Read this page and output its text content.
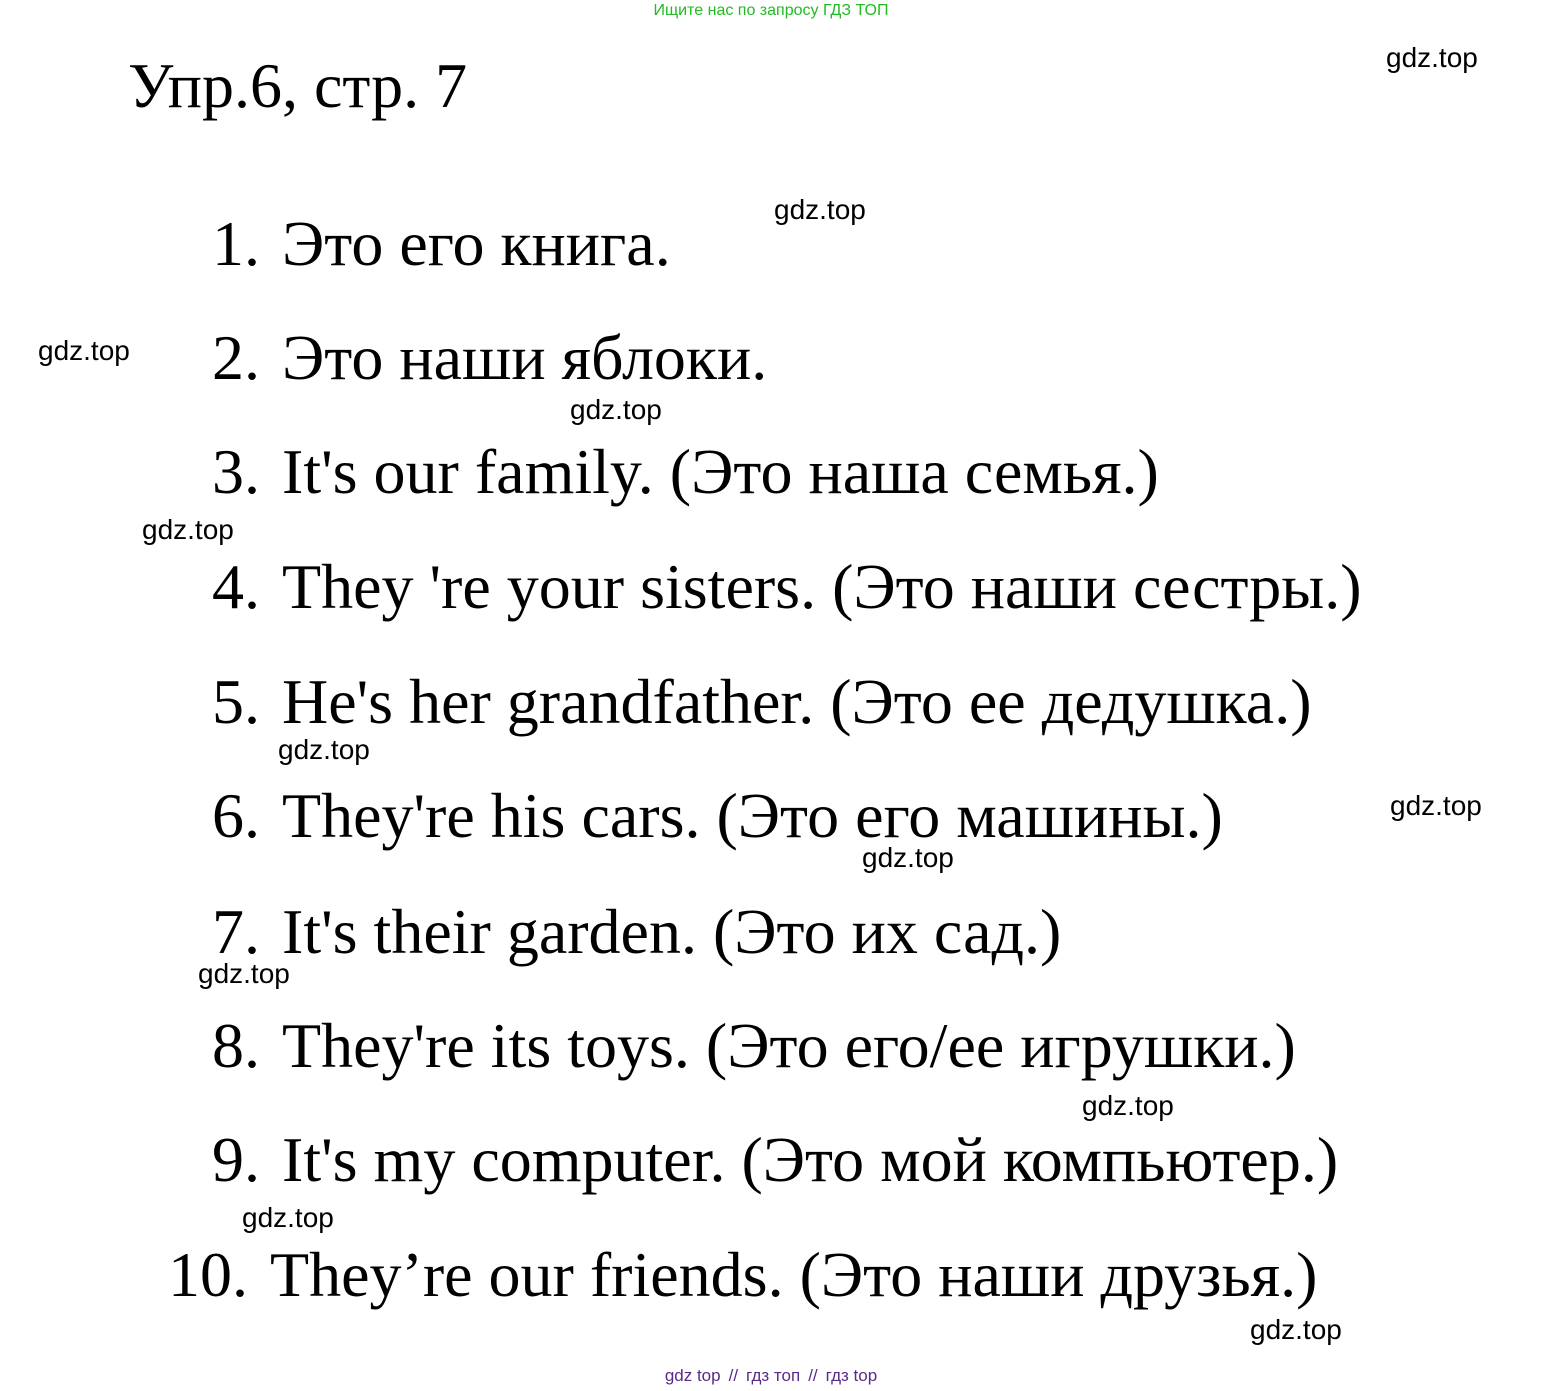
Ищите нас по запросу ГДЗ ТОП
Упр.6, стр. 7
1. Это его книга.
2. Это наши яблоки.
3. It's our family. (Это наша семья.)
4. They 're your sisters. (Это наши сестры.)
5. He's her grandfather. (Это ее дедушка.)
6. They're his cars. (Это его машины.)
7. It's their garden. (Это их сад.)
8. They're its toys. (Это его/ее игрушки.)
9. It's my computer. (Это мой компьютер.)
10. They’re our friends. (Это наши друзья.)
gdz.top
gdz.top
gdz.top
gdz.top
gdz.top
gdz.top
gdz.top
gdz.top
gdz.top
gdz.top
gdz.top
gdz.top
gdz top // гдз топ // гдз top
